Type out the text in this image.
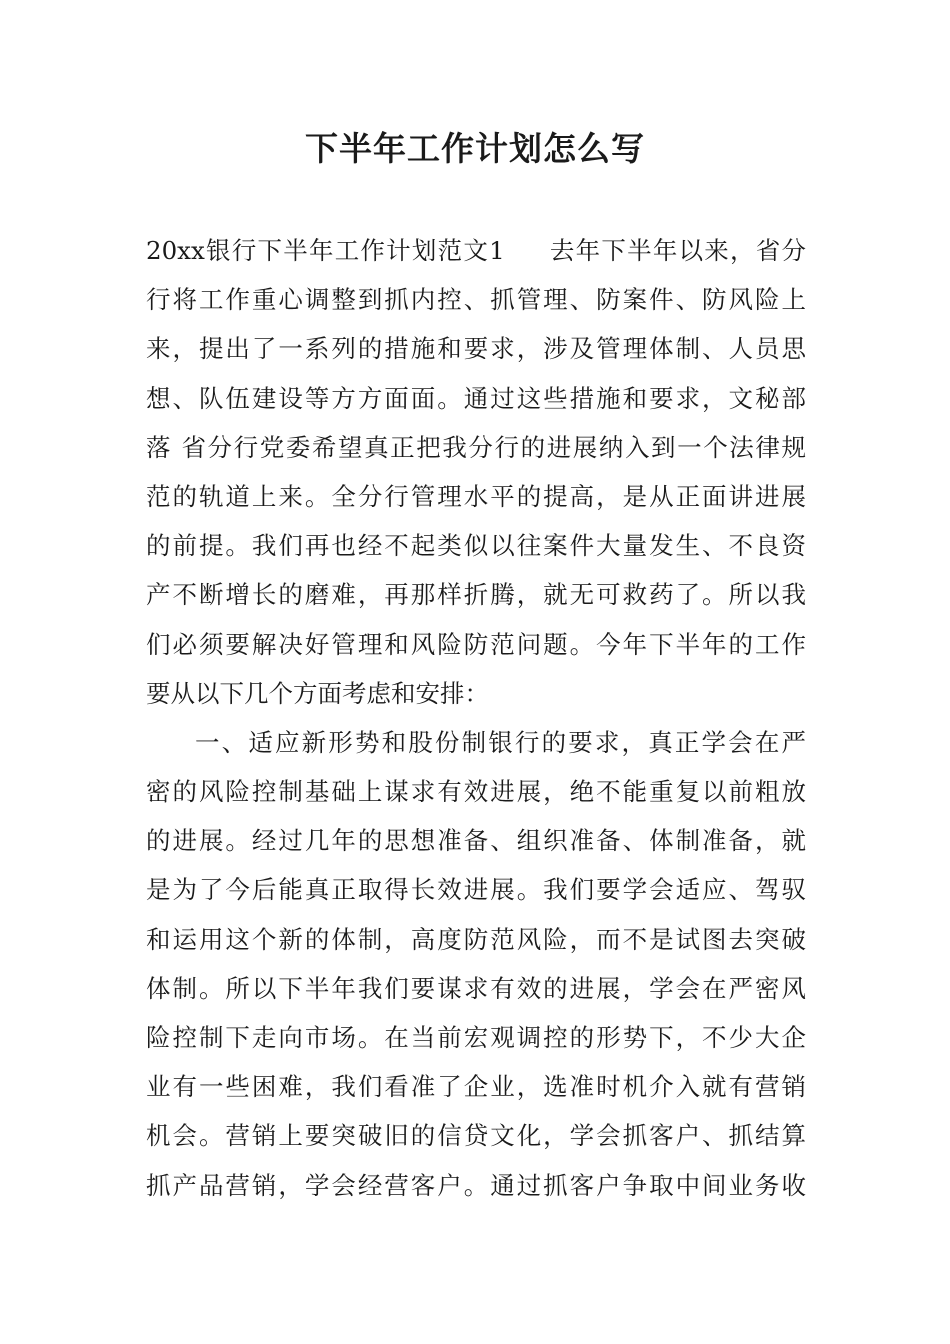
下半年工作计划怎么写
20xx银行下半年工作计划范文1 去年下半年以来，省分
行将工作重心调整到抓内控、抓管理、防案件、防风险上
来，提出了一系列的措施和要求，涉及管理体制、人员思
想、队伍建设等方方面面。通过这些措施和要求，文秘部
落 省分行党委希望真正把我分行的进展纳入到一个法律规
范的轨道上来。全分行管理水平的提高，是从正面讲进展
的前提。我们再也经不起类似以往案件大量发生、不良资
产不断增长的磨难，再那样折腾，就无可救药了。所以我
们必须要解决好管理和风险防范问题。今年下半年的工作
要从以下几个方面考虑和安排：
一、适应新形势和股份制银行的要求，真正学会在严
密的风险控制基础上谋求有效进展，绝不能重复以前粗放
的进展。经过几年的思想准备、组织准备、体制准备，就
是为了今后能真正取得长效进展。我们要学会适应、驾驭
和运用这个新的体制，高度防范风险，而不是试图去突破
体制。所以下半年我们要谋求有效的进展，学会在严密风
险控制下走向市场。在当前宏观调控的形势下，不少大企
业有一些困难，我们看准了企业，选准时机介入就有营销
机会。营销上要突破旧的信贷文化，学会抓客户、抓结算
抓产品营销，学会经营客户。通过抓客户争取中间业务收
